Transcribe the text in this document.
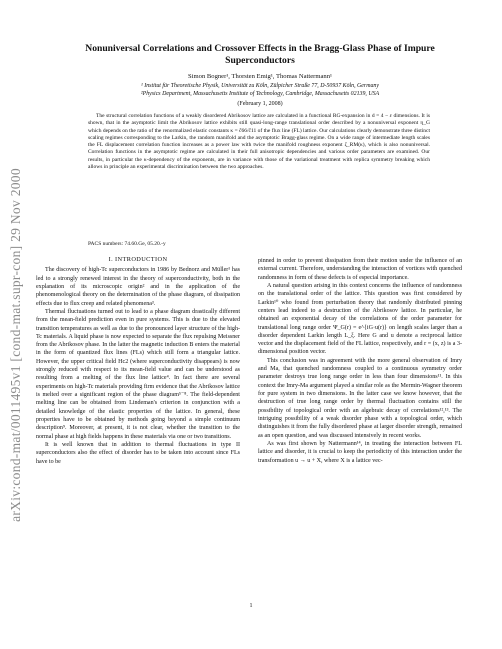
arXiv:cond-mat/0011495v1 [cond-mat.supr-con] 29 Nov 2000
Nonuniversal Correlations and Crossover Effects in the Bragg-Glass Phase of Impure
Superconductors
Simon Bogner¹, Thorsten Emig¹, Thomas Nattermann¹
¹ Institut für Theoretische Physik, Universität zu Köln, Zülpicher Straße 77, D-50937 Köln, Germany
²Physics Department, Massachusetts Institute of Technology, Cambridge, Massachusetts 02139, USA
(February 1, 2008)

The structural correlation functions of a weakly disordered Abrikosov lattice are calculated in a functional RG-expansion in d = 4 − ε dimensions. It is shown, that in the asymptotic limit the Abrikosov lattice exhibits still quasi-long-range translational order described by a nonuniversal exponent η_G which depends on the ratio of the renormalized elastic constants κ = c̃66/c̃11 of the flux line (FL) lattice. Our calculations clearly demonstrate three distinct scaling regimes corresponding to the Larkin, the random manifold and the asymptotic Bragg-glass regime. On a wide range of intermediate length scales the FL displacement correlation function increases as a power law with twice the manifold roughness exponent ζ_RM(κ), which is also nonuniversal. Correlation functions in the asymptotic regime are calculated in their full anisotropic dependencies and various order parameters are examined. Our results, in particular the κ-dependency of the exponents, are in variance with those of the variational treatment with replica symmetry breaking which allows in principle an experimental discrimination between the two approaches.

PACS numbers: 74.60.Ge, 05.20.-y
I. INTRODUCTION

The discovery of high-Tc superconductors in 1986 by Bednorz and Müller¹ has led to a strongly renewed interest in the theory of superconductivity, both in the explanation of its microscopic origin² and in the application of the phenomenological theory on the determination of the phase diagram, of dissipation effects due to flux creep and related phenomena³.

Thermal fluctuations turned out to lead to a phase diagram drastically different from the mean-field prediction even in pure systems. This is due to the elevated transition temperatures as well as due to the pronounced layer structure of the high-Tc materials. A liquid phase is now expected to separate the flux repulsing Meissner from the Abrikosov phase. In the latter the magnetic induction B enters the material in the form of quantized flux lines (FLs) which still form a triangular lattice. However, the upper critical field Hc2 (where superconductivity disappears) is now strongly reduced with respect to its mean-field value and can be understood as resulting from a melting of the flux line lattice⁴. In fact there are several experiments on high-Tc materials providing firm evidence that the Abrikosov lattice is melted over a significant region of the phase diagram⁵⁻⁸. The field-dependent melting line can be obtained from Lindeman's criterion in conjunction with a detailed knowledge of the elastic properties of the lattice. In general, these properties have to be obtained by methods going beyond a simple continuum description⁹. Moreover, at present, it is not clear, whether the transition to the normal phase at high fields happens in these materials via one or two transitions.

It is well known that in addition to thermal fluctuations in type II superconductors also the effect of disorder has to be taken into account since FLs have to be

pinned in order to prevent dissipation from their motion under the influence of an external current. Therefore, understanding the interaction of vortices with quenched randomness in form of these defects is of especial importance.

A natural question arising in this context concerns the influence of randomness on the translational order of the lattice. This question was first considered by Larkin¹⁰ who found from perturbation theory that randomly distributed pinning centers lead indeed to a destruction of the Abrikosov lattice. In particular, he obtained an exponential decay of the correlations of the order parameter for translational long range order Ψ_G(r) = e^{iG·u(r)} on length scales larger than a disorder dependent Larkin length L_ξ. Here G and u denote a reciprocal lattice vector and the displacement field of the FL lattice, respectively, and r = (x, z) is a 3-dimensional position vector.

This conclusion was in agreement with the more general observation of Imry and Ma, that quenched randomness coupled to a continuous symmetry order parameter destroys true long range order in less than four dimensions¹¹. In this context the Imry-Ma argument played a similar role as the Mermin-Wagner theorem for pure system in two dimensions. In the latter case we know however, that the destruction of true long range order by thermal fluctuation contains still the possibility of topological order with an algebraic decay of correlations¹²,¹³. The intriguing possibility of a weak disorder phase with a topological order, which distinguishes it from the fully disordered phase at larger disorder strength, remained as an open question, and was discussed intensively in recent works.

As was first shown by Nattermann¹⁴, in treating the interaction between FL lattice and disorder, it is crucial to keep the periodicity of this interaction under the transformation u → u + X, where X is a lattice vec-

1
